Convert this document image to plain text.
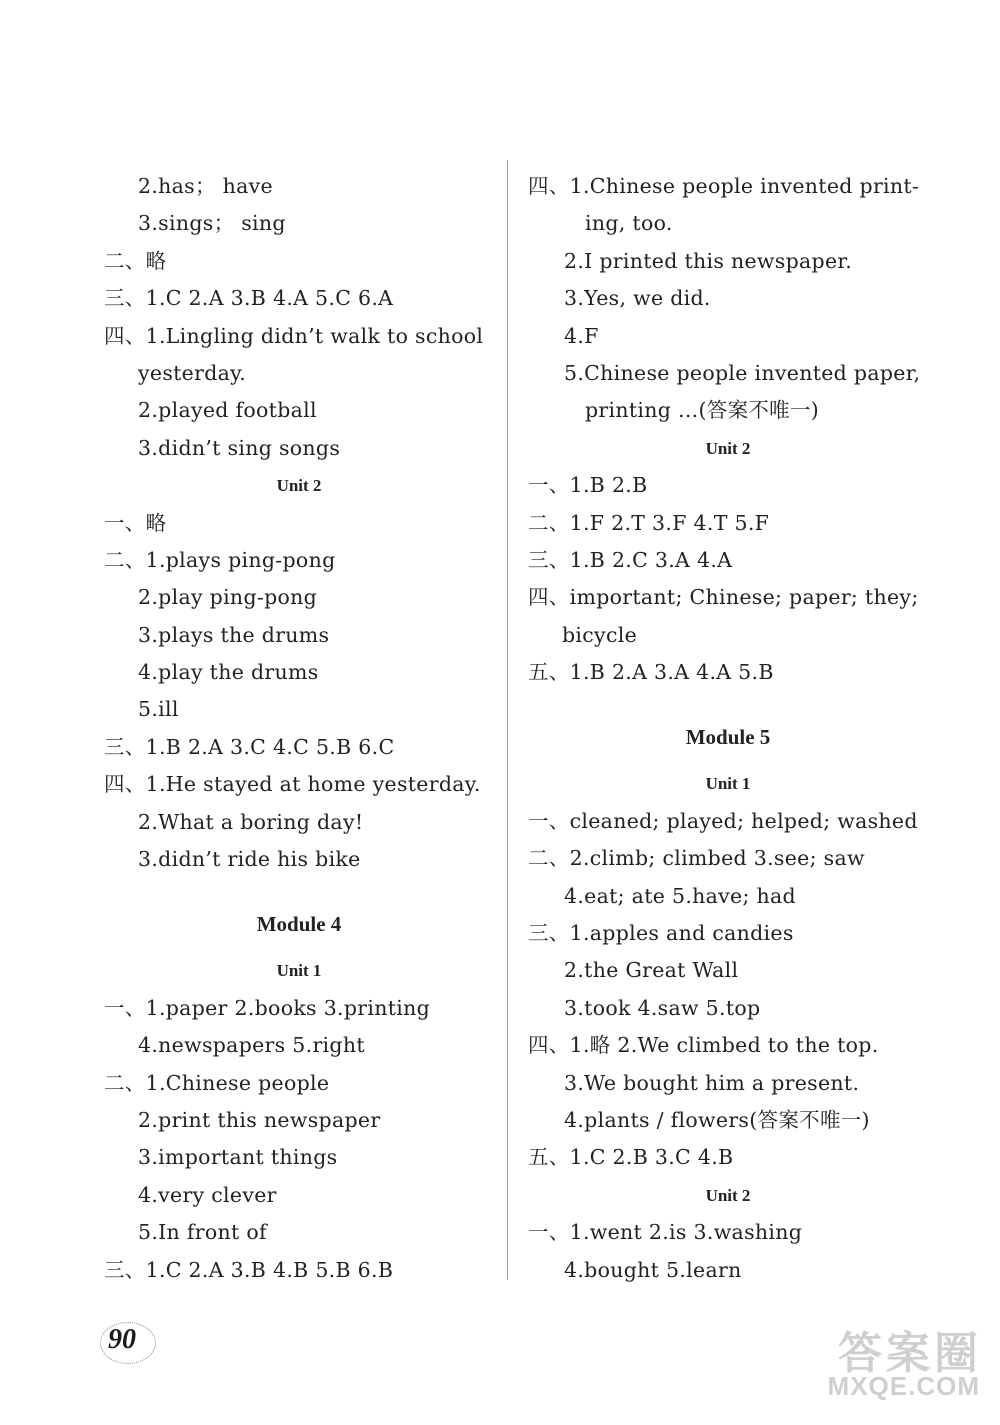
2.has； have
3.sings； sing
二、略
三、1.C 2.A 3.B 4.A 5.C 6.A
四、1.Lingling didn’t walk to school
yesterday.
2.played football
3.didn’t sing songs
Unit 2
一、略
二、1.plays ping-pong
2.play ping-pong
3.plays the drums
4.play the drums
5.ill
三、1.B 2.A 3.C 4.C 5.B 6.C
四、1.He stayed at home yesterday.
2.What a boring day!
3.didn’t ride his bike
Module 4
Unit 1
一、1.paper 2.books 3.printing
4.newspapers 5.right
二、1.Chinese people
2.print this newspaper
3.important things
4.very clever
5.In front of
三、1.C 2.A 3.B 4.B 5.B 6.B
四、1.Chinese people invented print-
ing, too.
2.I printed this newspaper.
3.Yes, we did.
4.F
5.Chinese people invented paper,
printing ...(答案不唯一)
Unit 2
一、1.B 2.B
二、1.F 2.T 3.F 4.T 5.F
三、1.B 2.C 3.A 4.A
四、important; Chinese; paper; they;
bicycle
五、1.B 2.A 3.A 4.A 5.B
Module 5
Unit 1
一、cleaned; played; helped; washed
二、2.climb; climbed 3.see; saw
4.eat; ate 5.have; had
三、1.apples and candies
2.the Great Wall
3.took 4.saw 5.top
四、1.略 2.We climbed to the top.
3.We bought him a present.
4.plants / flowers(答案不唯一)
五、1.C 2.B 3.C 4.B
Unit 2
一、1.went 2.is 3.washing
4.bought 5.learn
90	答案圈
MXQE.COM
